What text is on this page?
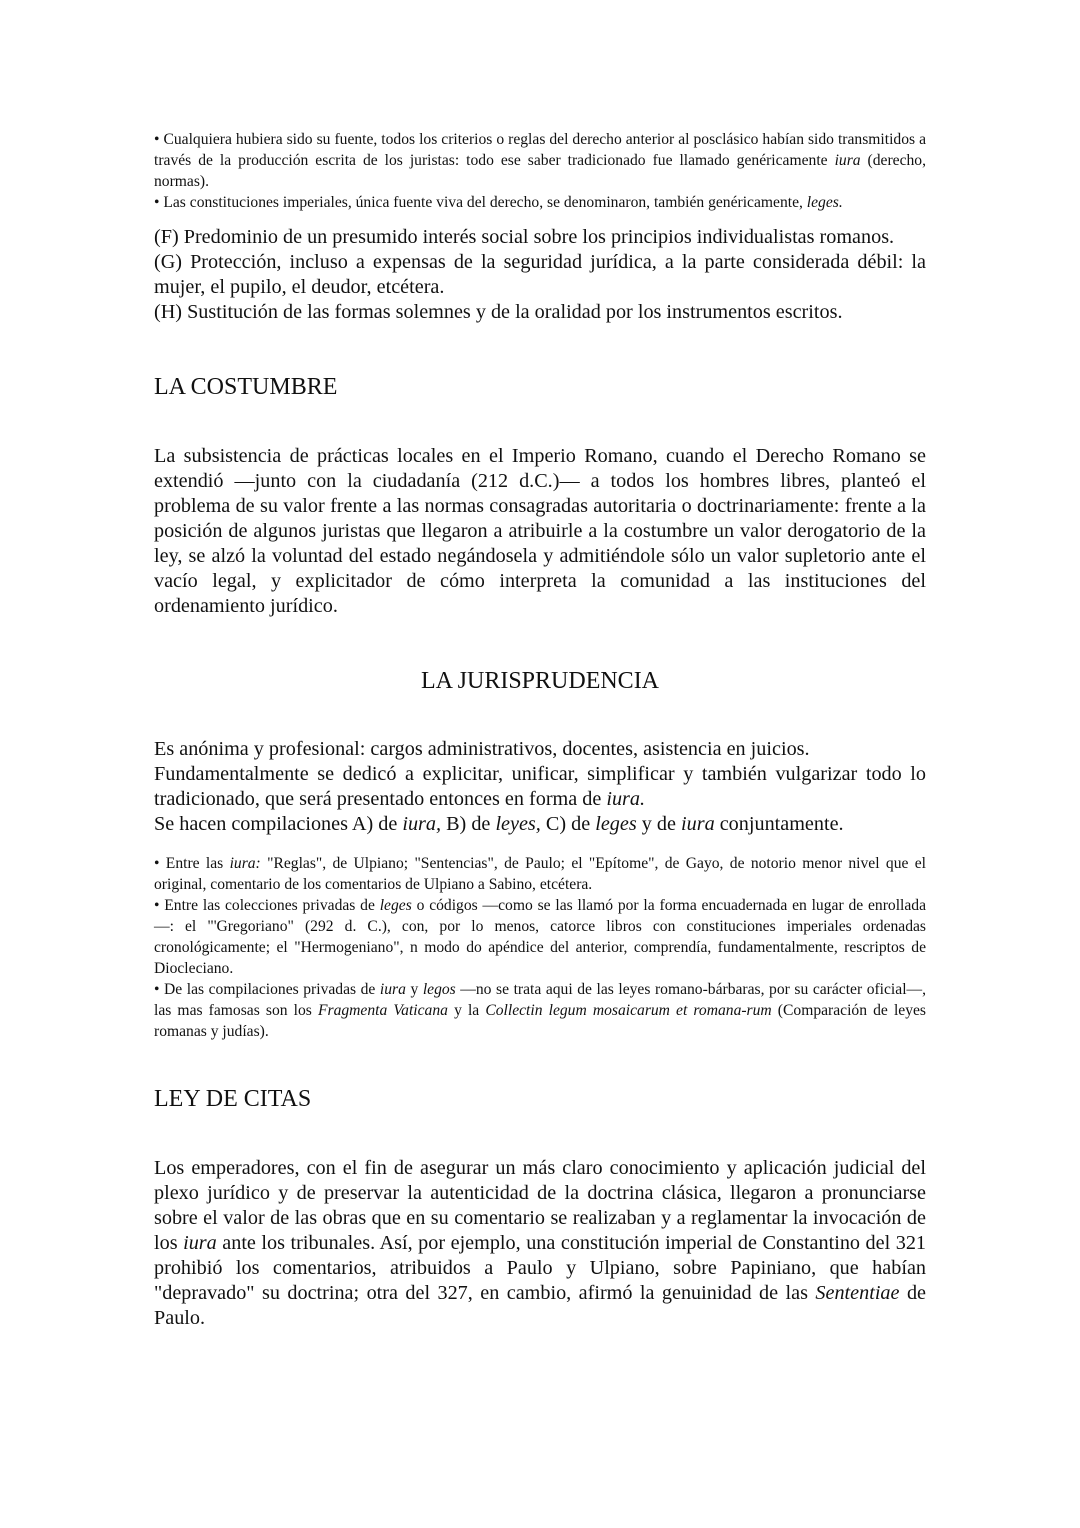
• Cualquiera hubiera sido su fuente, todos los criterios o reglas del derecho anterior al posclásico habían sido transmitidos a través de la producción escrita de los juristas: todo ese saber tradicionado fue llamado genéricamente iura (derecho, normas).

• Las constituciones imperiales, única fuente viva del derecho, se denominaron, también genéricamente, leges.

(F) Predominio de un presumido interés social sobre los principios individualistas romanos.

(G) Protección, incluso a expensas de la seguridad jurídica, a la parte considerada débil: la mujer, el pupilo, el deudor, etcétera.

(H) Sustitución de las formas solemnes y de la oralidad por los instrumentos escritos.

LA COSTUMBRE

La subsistencia de prácticas locales en el Imperio Romano, cuando el Derecho Romano se extendió —junto con la ciudadanía (212 d.C.)— a todos los hombres libres, planteó el problema de su valor frente a las normas consagradas autoritaria o doctrinariamente: frente a la posición de algunos juristas que llegaron a atribuirle a la costumbre un valor derogatorio de la ley, se alzó la voluntad del estado negándosela y admitiéndole sólo un valor supletorio ante el vacío legal, y explicitador de cómo interpreta la comunidad a las instituciones del ordenamiento jurídico.

LA JURISPRUDENCIA

Es anónima y profesional: cargos administrativos, docentes, asistencia en juicios.

Fundamentalmente se dedicó a explicitar, unificar, simplificar y también vulgarizar todo lo tradicionado, que será presentado entonces en forma de iura.

Se hacen compilaciones A) de iura, B) de leyes, C) de leges y de iura conjuntamente.

• Entre las iura: "Reglas", de Ulpiano; "Sentencias", de Paulo; el "Epítome", de Gayo, de notorio menor nivel que el original, comentario de los comentarios de Ulpiano a Sabino, etcétera.

• Entre las colecciones privadas de leges o códigos —como se las llamó por la forma encuadernada en lugar de enrollada—: el "'Gregoriano" (292 d. C.), con, por lo menos, catorce libros con constituciones imperiales ordenadas cronológicamente; el "Hermogeniano", n modo do apéndice del anterior, comprendía, fundamentalmente, rescriptos de Diocleciano.

• De las compilaciones privadas de iura y legos —no se trata aqui de las leyes romano-bárbaras, por su carácter oficial—, las mas famosas son los Fragmenta Vaticana y la Collectin legum mosaicarum et romana-rum (Comparación de leyes romanas y judías).

LEY DE CITAS

Los emperadores, con el fin de asegurar un más claro conocimiento y aplicación judicial del plexo jurídico y de preservar la autenticidad de la doctrina clásica, llegaron a pronunciarse sobre el valor de las obras que en su comentario se realizaban y a reglamentar la invocación de los iura ante los tribunales. Así, por ejemplo, una constitución imperial de Constantino del 321 prohibió los comentarios, atribuidos a Paulo y Ulpiano, sobre Papiniano, que habían "depravado" su doctrina; otra del 327, en cambio, afirmó la genuinidad de las Sententiae de Paulo.
